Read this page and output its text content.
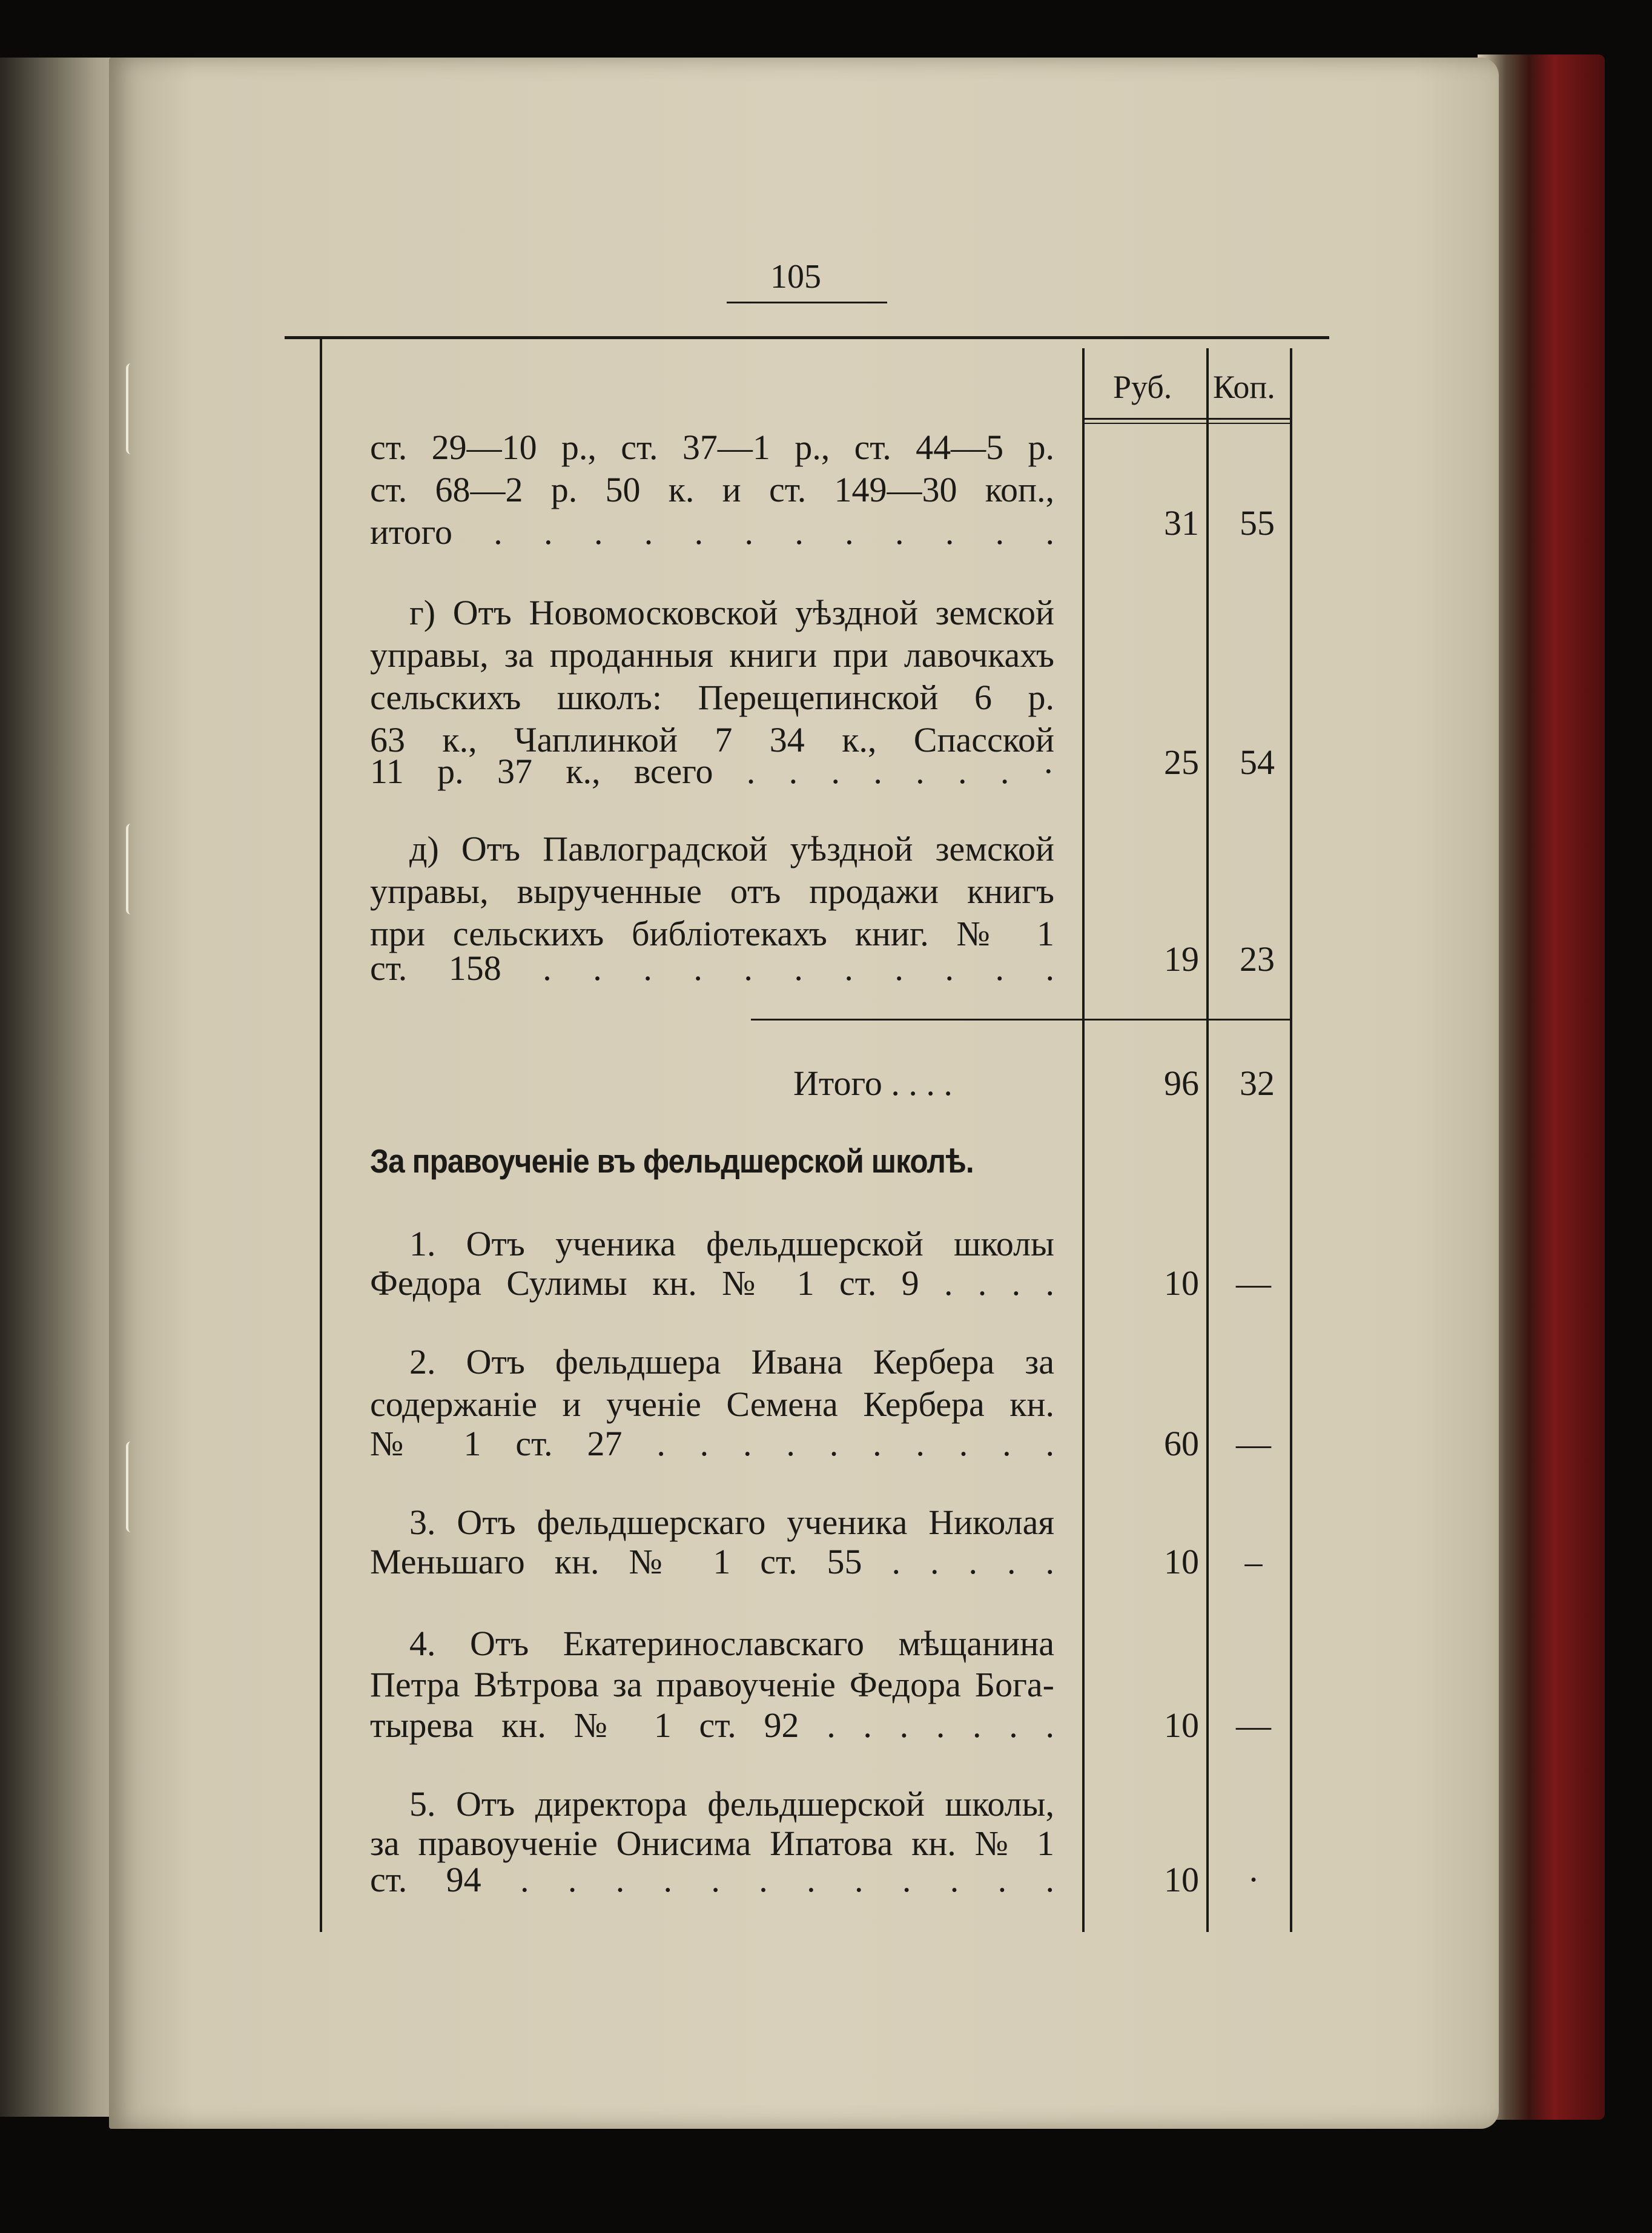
105
Руб. Коп.
ст. 29—10 р., ст. 37—1 р., ст. 44—5 р.
ст. 68—2 р. 50 к. и ст. 149—30 коп.,
итого . . . . . . . . . . . .	31 55
г) Отъ Новомосковской уѣздной земской
управы, за проданныя книги при лавочкахъ
сельскихъ школъ: Перещепинской 6 р.
63 к., Чаплинкой 7 34 к., Спасской
11 р. 37 к., всего . . . . . . . ·	25 54
д) Отъ Павлоградской уѣздной земской
управы, вырученные отъ продажи книгъ
при сельскихъ библіотекахъ книг. № 1
ст. 158 . . . . . . . . . . .	19 23
Итого . . . .	96 32
За правоученіе въ фельдшерской школѣ.
1. Отъ ученика фельдшерской школы
Федора Сулимы кн. № 1 ст. 9 . . . .	10	—
2. Отъ фельдшера Ивана Кербера за
содержаніе и ученіе Семена Кербера кн.
№ 1 ст. 27 . . . . . . . . . .	60	—
3. Отъ фельдшерскаго ученика Николая
Меньшаго кн. № 1 ст. 55 . . . . .	10	–
4. Отъ Екатеринославскаго мѣщанина
Петра Вѣтрова за правоученіе Федора Бога-
тырева кн. № 1 ст. 92 . . . . . . .	10	—
5. Отъ директора фельдшерской школы,
за правоученіе Онисима Ипатова кн. № 1
ст. 94 . . . . . . . . . . . .	10	·
